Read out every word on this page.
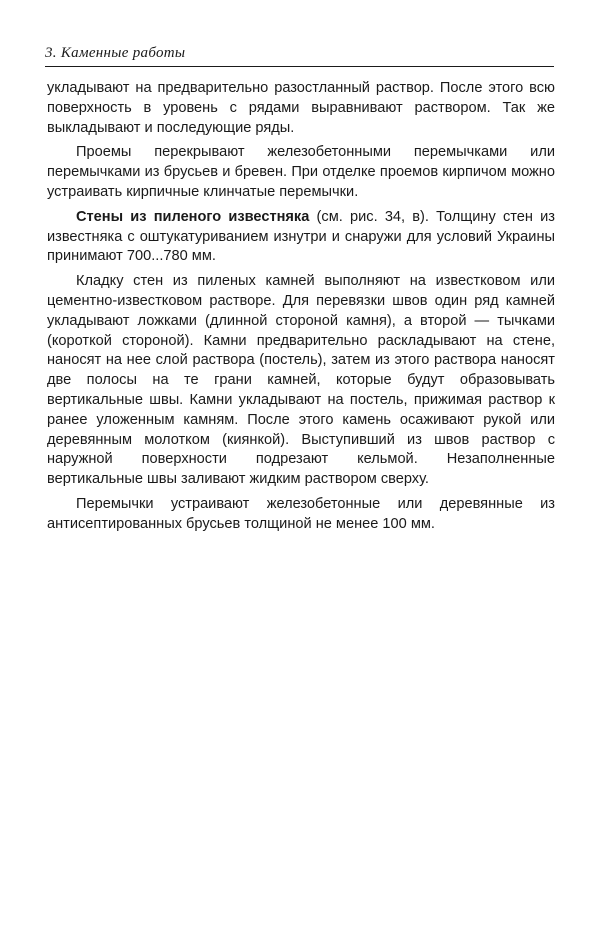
3. Каменные работы

укладывают на предварительно разостланный раствор. После этого всю поверхность в уровень с рядами выравнивают раствором. Так же выкладывают и последующие ряды.

Проемы перекрывают железобетонными перемычками или перемычками из брусьев и бревен. При отделке проемов кирпичом можно устраивать кирпичные клинчатые перемычки.

Стены из пиленого известняка (см. рис. 34, в). Толщину стен из известняка с оштукатуриванием изнутри и снаружи для условий Украины принимают 700...780 мм.

Кладку стен из пиленых камней выполняют на известковом или цементно-известковом растворе. Для перевязки швов один ряд камней укладывают ложками (длинной стороной камня), а второй — тычками (короткой стороной). Камни предварительно раскладывают на стене, наносят на нее слой раствора (постель), затем из этого раствора наносят две полосы на те грани камней, которые будут образовывать вертикальные швы. Камни укладывают на постель, прижимая раствор к ранее уложенным камням. После этого камень осаживают рукой или деревянным молотком (киянкой). Выступивший из швов раствор с наружной поверхности подрезают кельмой. Незаполненные вертикальные швы заливают жидким раствором сверху.

Перемычки устраивают железобетонные или деревянные из антисептированных брусьев толщиной не менее 100 мм.
